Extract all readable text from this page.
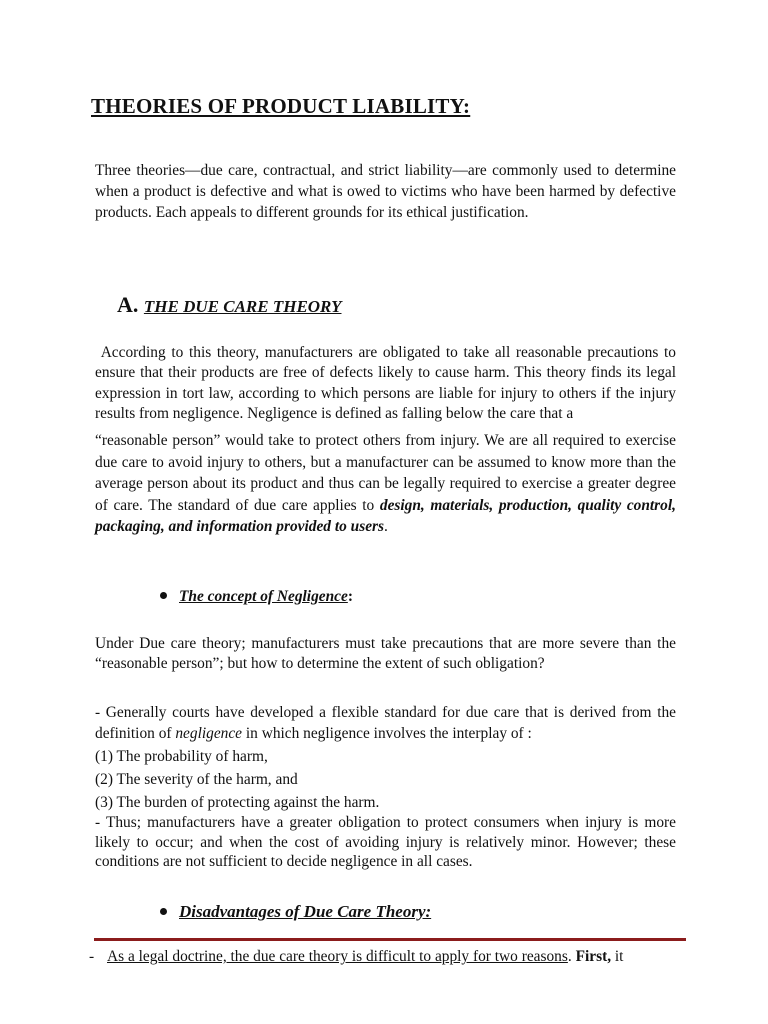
THEORIES OF PRODUCT LIABILITY:

Three theories—due care, contractual, and strict liability—are commonly used to determine when a product is defective and what is owed to victims who have been harmed by defective products. Each appeals to different grounds for its ethical justification.

A. THE DUE CARE THEORY

According to this theory, manufacturers are obligated to take all reasonable precautions to ensure that their products are free of defects likely to cause harm. This theory finds its legal expression in tort law, according to which persons are liable for injury to others if the injury results from negligence. Negligence is defined as falling below the care that a

“reasonable person” would take to protect others from injury. We are all required to exercise due care to avoid injury to others, but a manufacturer can be assumed to know more than the average person about its product and thus can be legally required to exercise a greater degree of care. The standard of due care applies to design, materials, production, quality control, packaging, and information provided to users.

The concept of Negligence:

Under Due care theory; manufacturers must take precautions that are more severe than the “reasonable person”; but how to determine the extent of such obligation?

- Generally courts have developed a flexible standard for due care that is derived from the definition of negligence in which negligence involves the interplay of :
(1) The probability of harm,
(2) The severity of the harm, and
(3) The burden of protecting against the harm.

- Thus; manufacturers have a greater obligation to protect consumers when injury is more likely to occur; and when the cost of avoiding injury is relatively minor. However; these conditions are not sufficient to decide negligence in all cases.

Disadvantages of Due Care Theory:

- As a legal doctrine, the due care theory is difficult to apply for two reasons. First, it
